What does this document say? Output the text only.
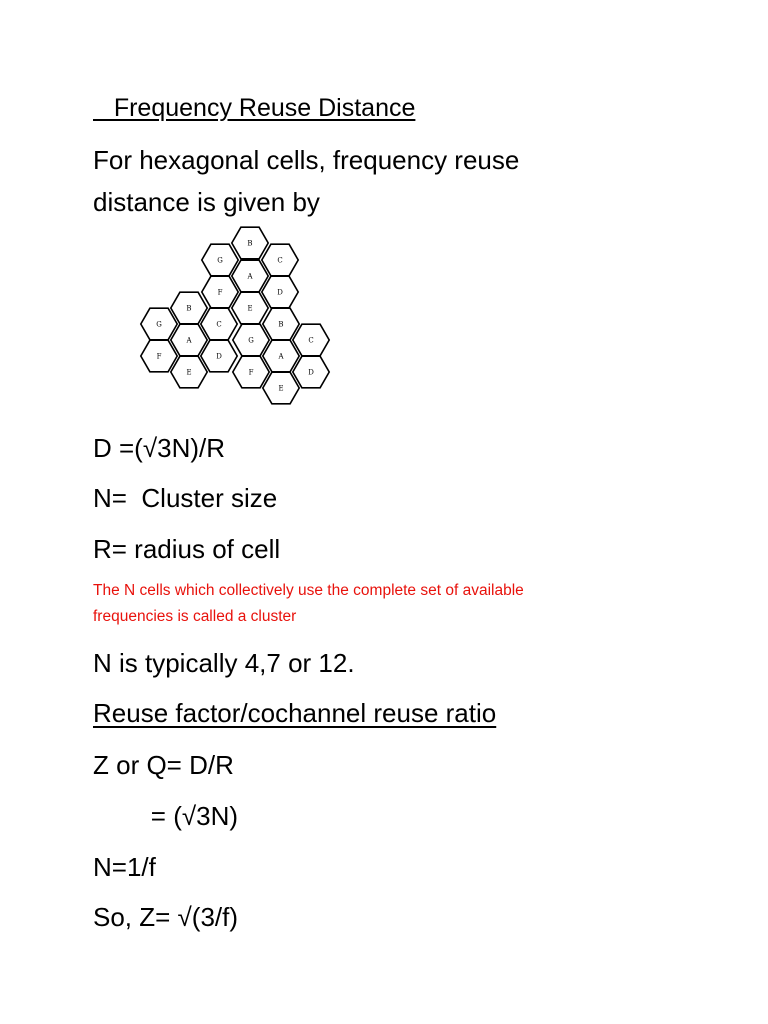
Frequency Reuse Distance
For hexagonal cells, frequency reuse
distance is given by
B
G	C
A
F	D
E
B
G	C
A
F	D
E
B
G	C
A
F	D
E
D =(√3N)/R
N=  Cluster size
R= radius of cell
The N cells which collectively use the complete set of available
frequencies is called a cluster
N is typically 4,7 or 12.
Reuse factor/cochannel reuse ratio
Z or Q= D/R
= (√3N)
N=1/f
So, Z= √(3/f)
